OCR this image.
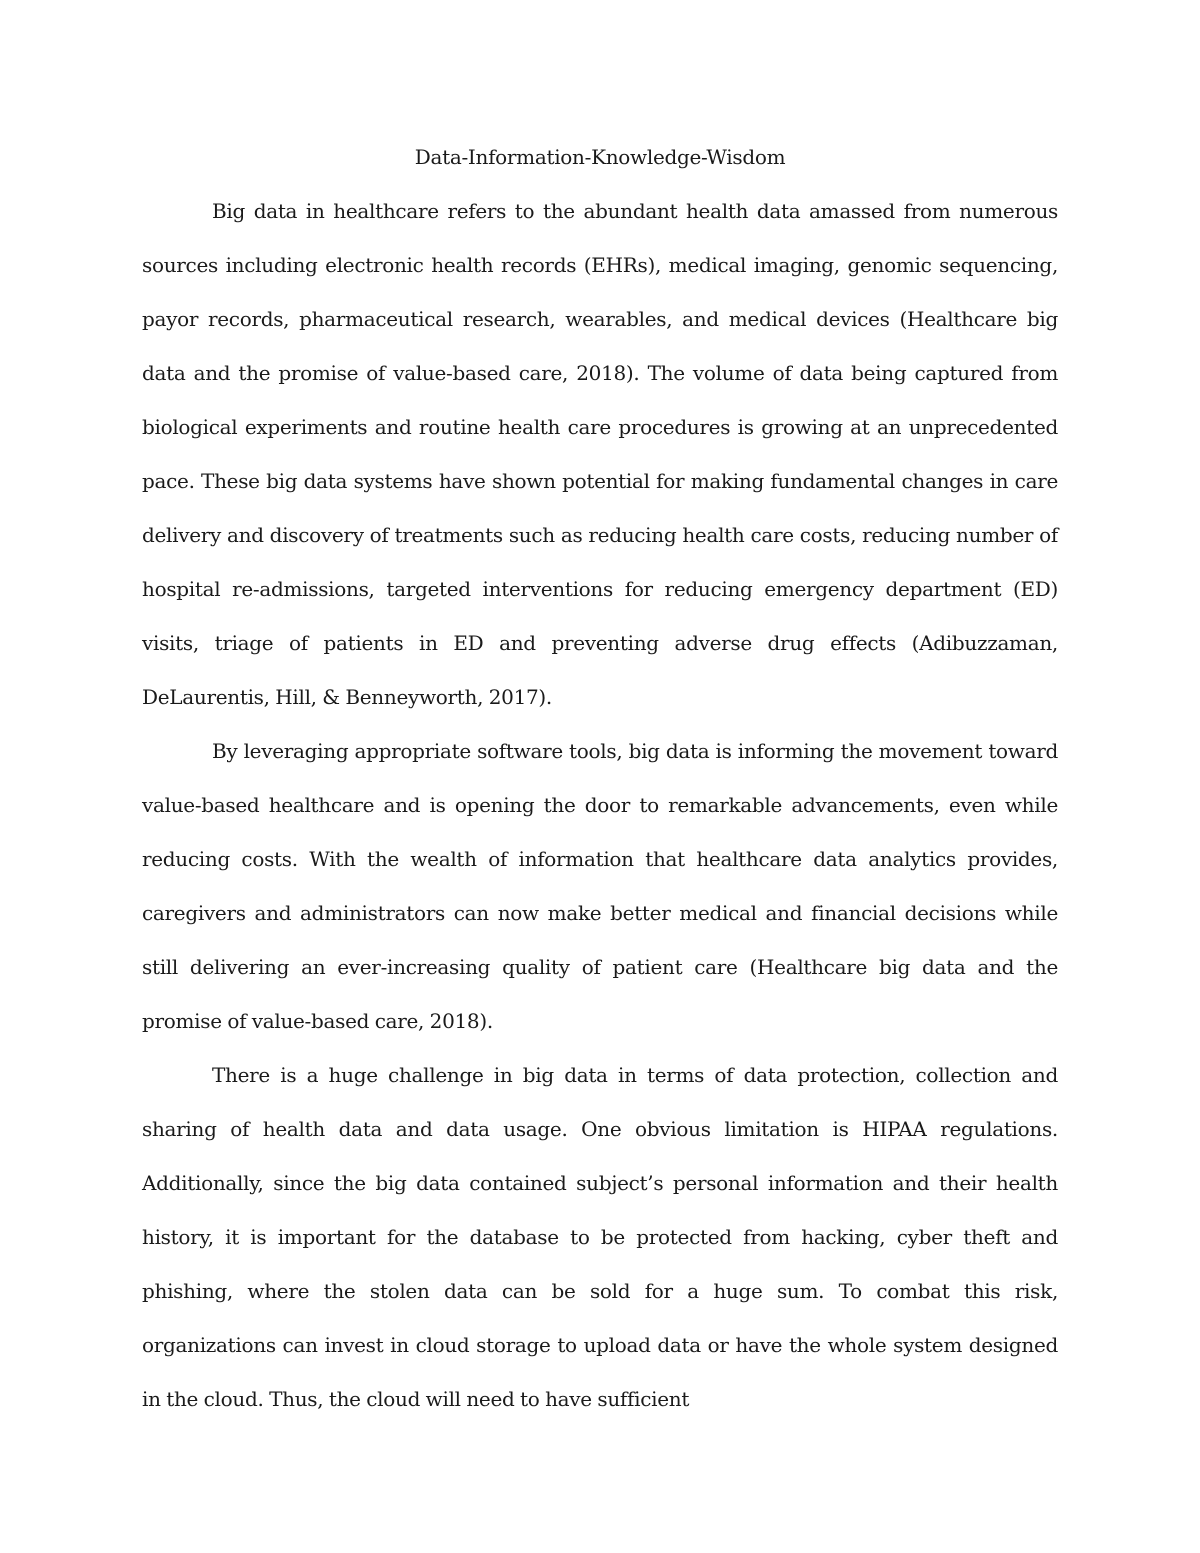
Data-Information-Knowledge-Wisdom

Big data in healthcare refers to the abundant health data amassed from numerous sources including electronic health records (EHRs), medical imaging, genomic sequencing, payor records, pharmaceutical research, wearables, and medical devices (Healthcare big data and the promise of value-based care, 2018). The volume of data being captured from biological experiments and routine health care procedures is growing at an unprecedented pace. These big data systems have shown potential for making fundamental changes in care delivery and discovery of treatments such as reducing health care costs, reducing number of hospital re-admissions, targeted interventions for reducing emergency department (ED) visits, triage of patients in ED and preventing adverse drug effects (Adibuzzaman, DeLaurentis, Hill, & Benneyworth, 2017).

By leveraging appropriate software tools, big data is informing the movement toward value-based healthcare and is opening the door to remarkable advancements, even while reducing costs. With the wealth of information that healthcare data analytics provides, caregivers and administrators can now make better medical and financial decisions while still delivering an ever-increasing quality of patient care (Healthcare big data and the promise of value-based care, 2018).

There is a huge challenge in big data in terms of data protection, collection and sharing of health data and data usage. One obvious limitation is HIPAA regulations. Additionally, since the big data contained subject’s personal information and their health history, it is important for the database to be protected from hacking, cyber theft and phishing, where the stolen data can be sold for a huge sum. To combat this risk, organizations can invest in cloud storage to upload data or have the whole system designed in the cloud. Thus, the cloud will need to have sufficient
